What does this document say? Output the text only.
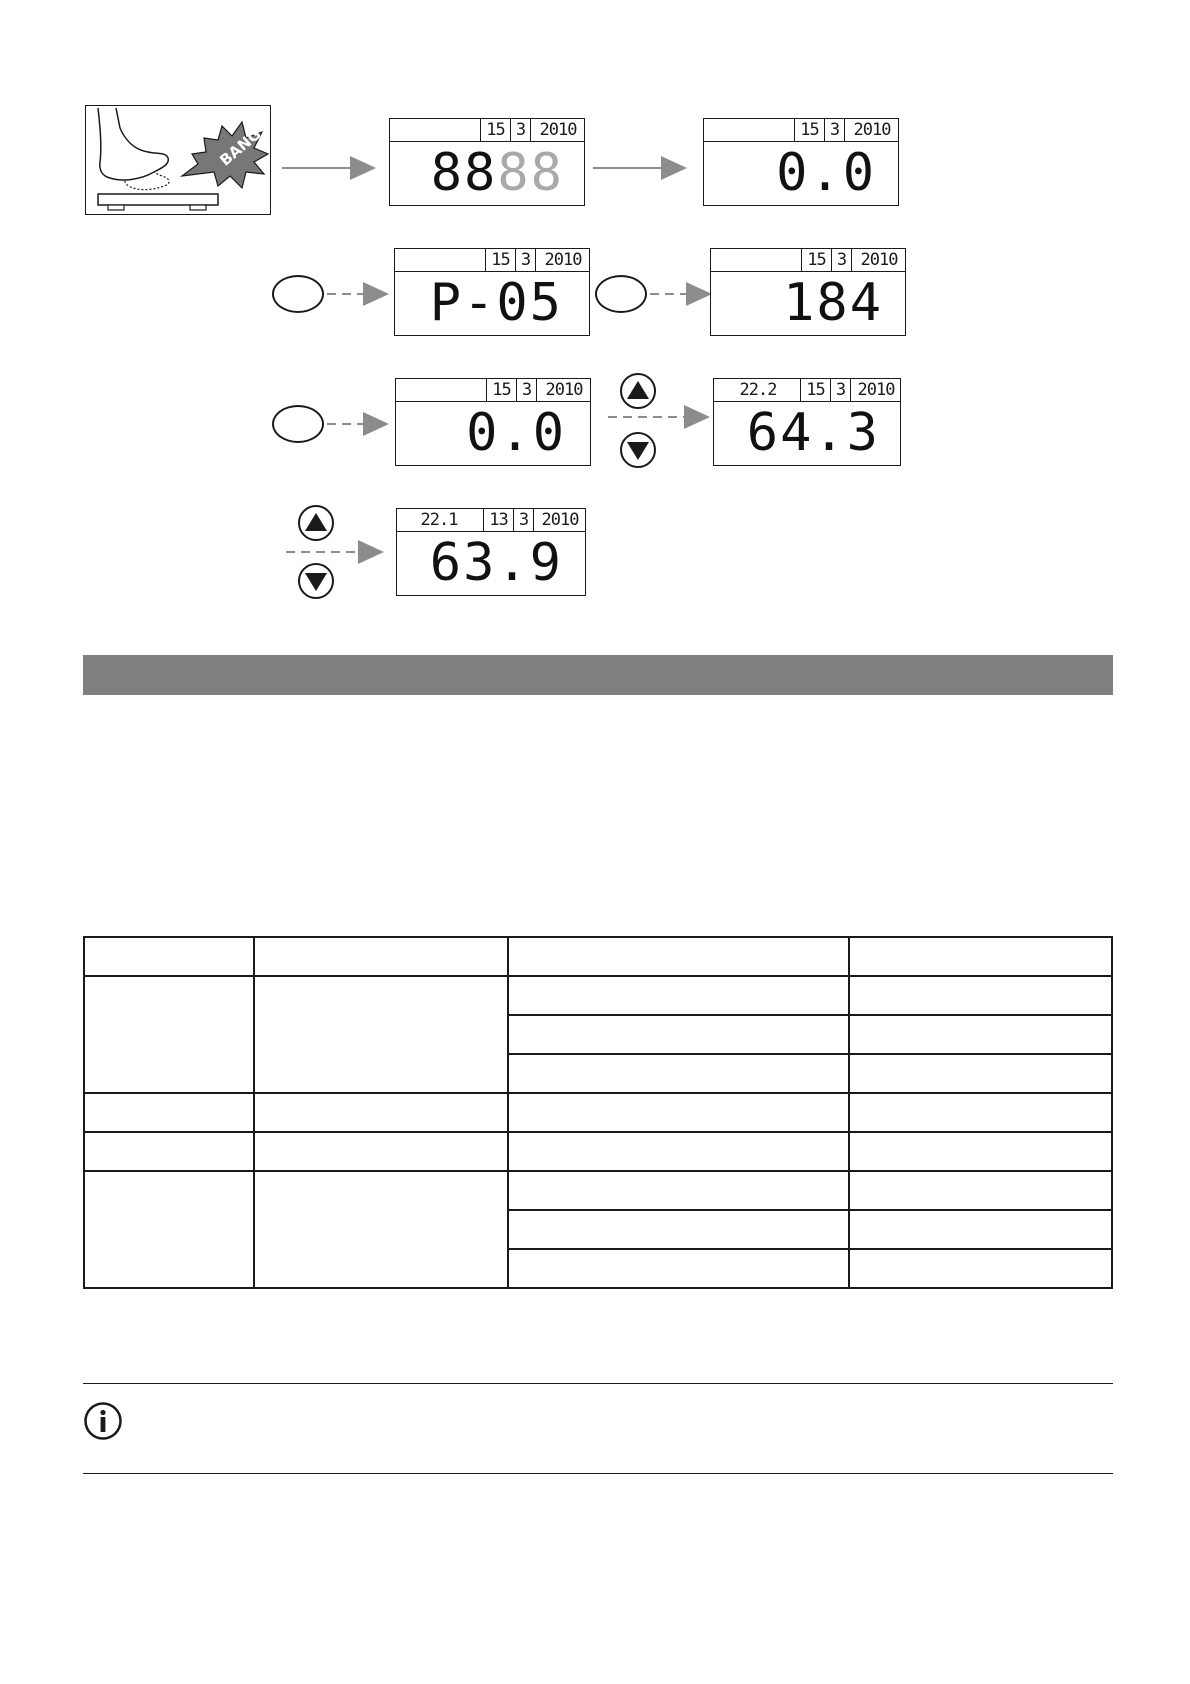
BANG!	15 3 2010
8888
15 3 2010
0.0
15 3 2010
P-05
15 3 2010
184
15 3 2010
0.0
22.2	15 3 2010
64.3
22.1	13 3 2010
63.9
